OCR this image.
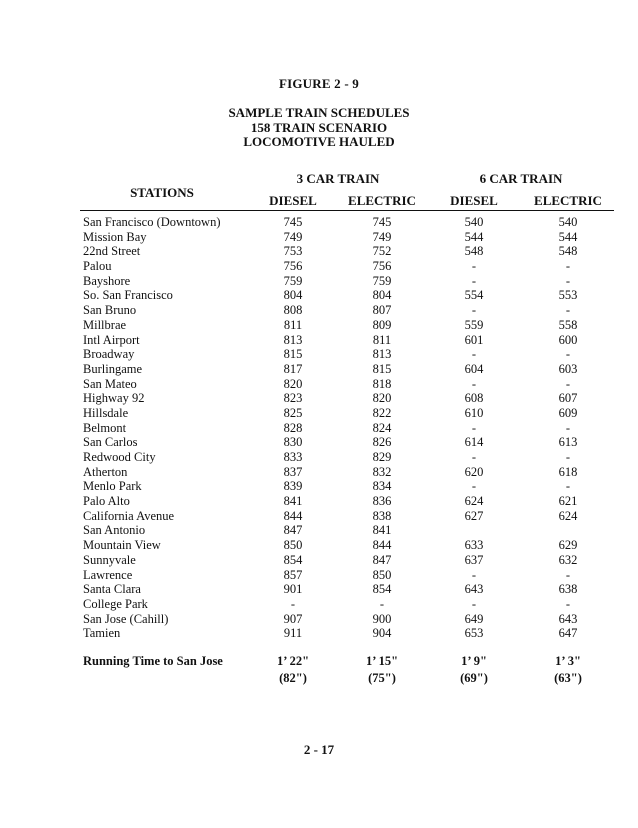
FIGURE 2 - 9
SAMPLE TRAIN SCHEDULES
158 TRAIN SCENARIO
LOCOMOTIVE HAULED
3 CAR TRAIN	6 CAR TRAIN
STATIONS
DIESEL	ELECTRIC	DIESEL	ELECTRIC
San Francisco (Downtown)	745	745	540	540
Mission Bay	749	749	544	544
22nd Street	753	752	548	548
Palou	756	756	-	-
Bayshore	759	759	-	-
So. San Francisco	804	804	554	553
San Bruno	808	807	-	-
Millbrae	811	809	559	558
Intl Airport	813	811	601	600
Broadway	815	813	-	-
Burlingame	817	815	604	603
San Mateo	820	818	-	-
Highway 92	823	820	608	607
Hillsdale	825	822	610	609
Belmont	828	824	-	-
San Carlos	830	826	614	613
Redwood City	833	829	-	-
Atherton	837	832	620	618
Menlo Park	839	834	-	-
Palo Alto	841	836	624	621
California Avenue	844	838	627	624
San Antonio	847	841
Mountain View	850	844	633	629
Sunnyvale	854	847	637	632
Lawrence	857	850	-	-
Santa Clara	901	854	643	638
College Park	-	-	-	-
San Jose (Cahill)	907	900	649	643
Tamien	911	904	653	647
Running Time to San Jose	1’ 22"	1’ 15"	1’ 9"	1’ 3"
(82")	(75")	(69")	(63")
2 - 17
